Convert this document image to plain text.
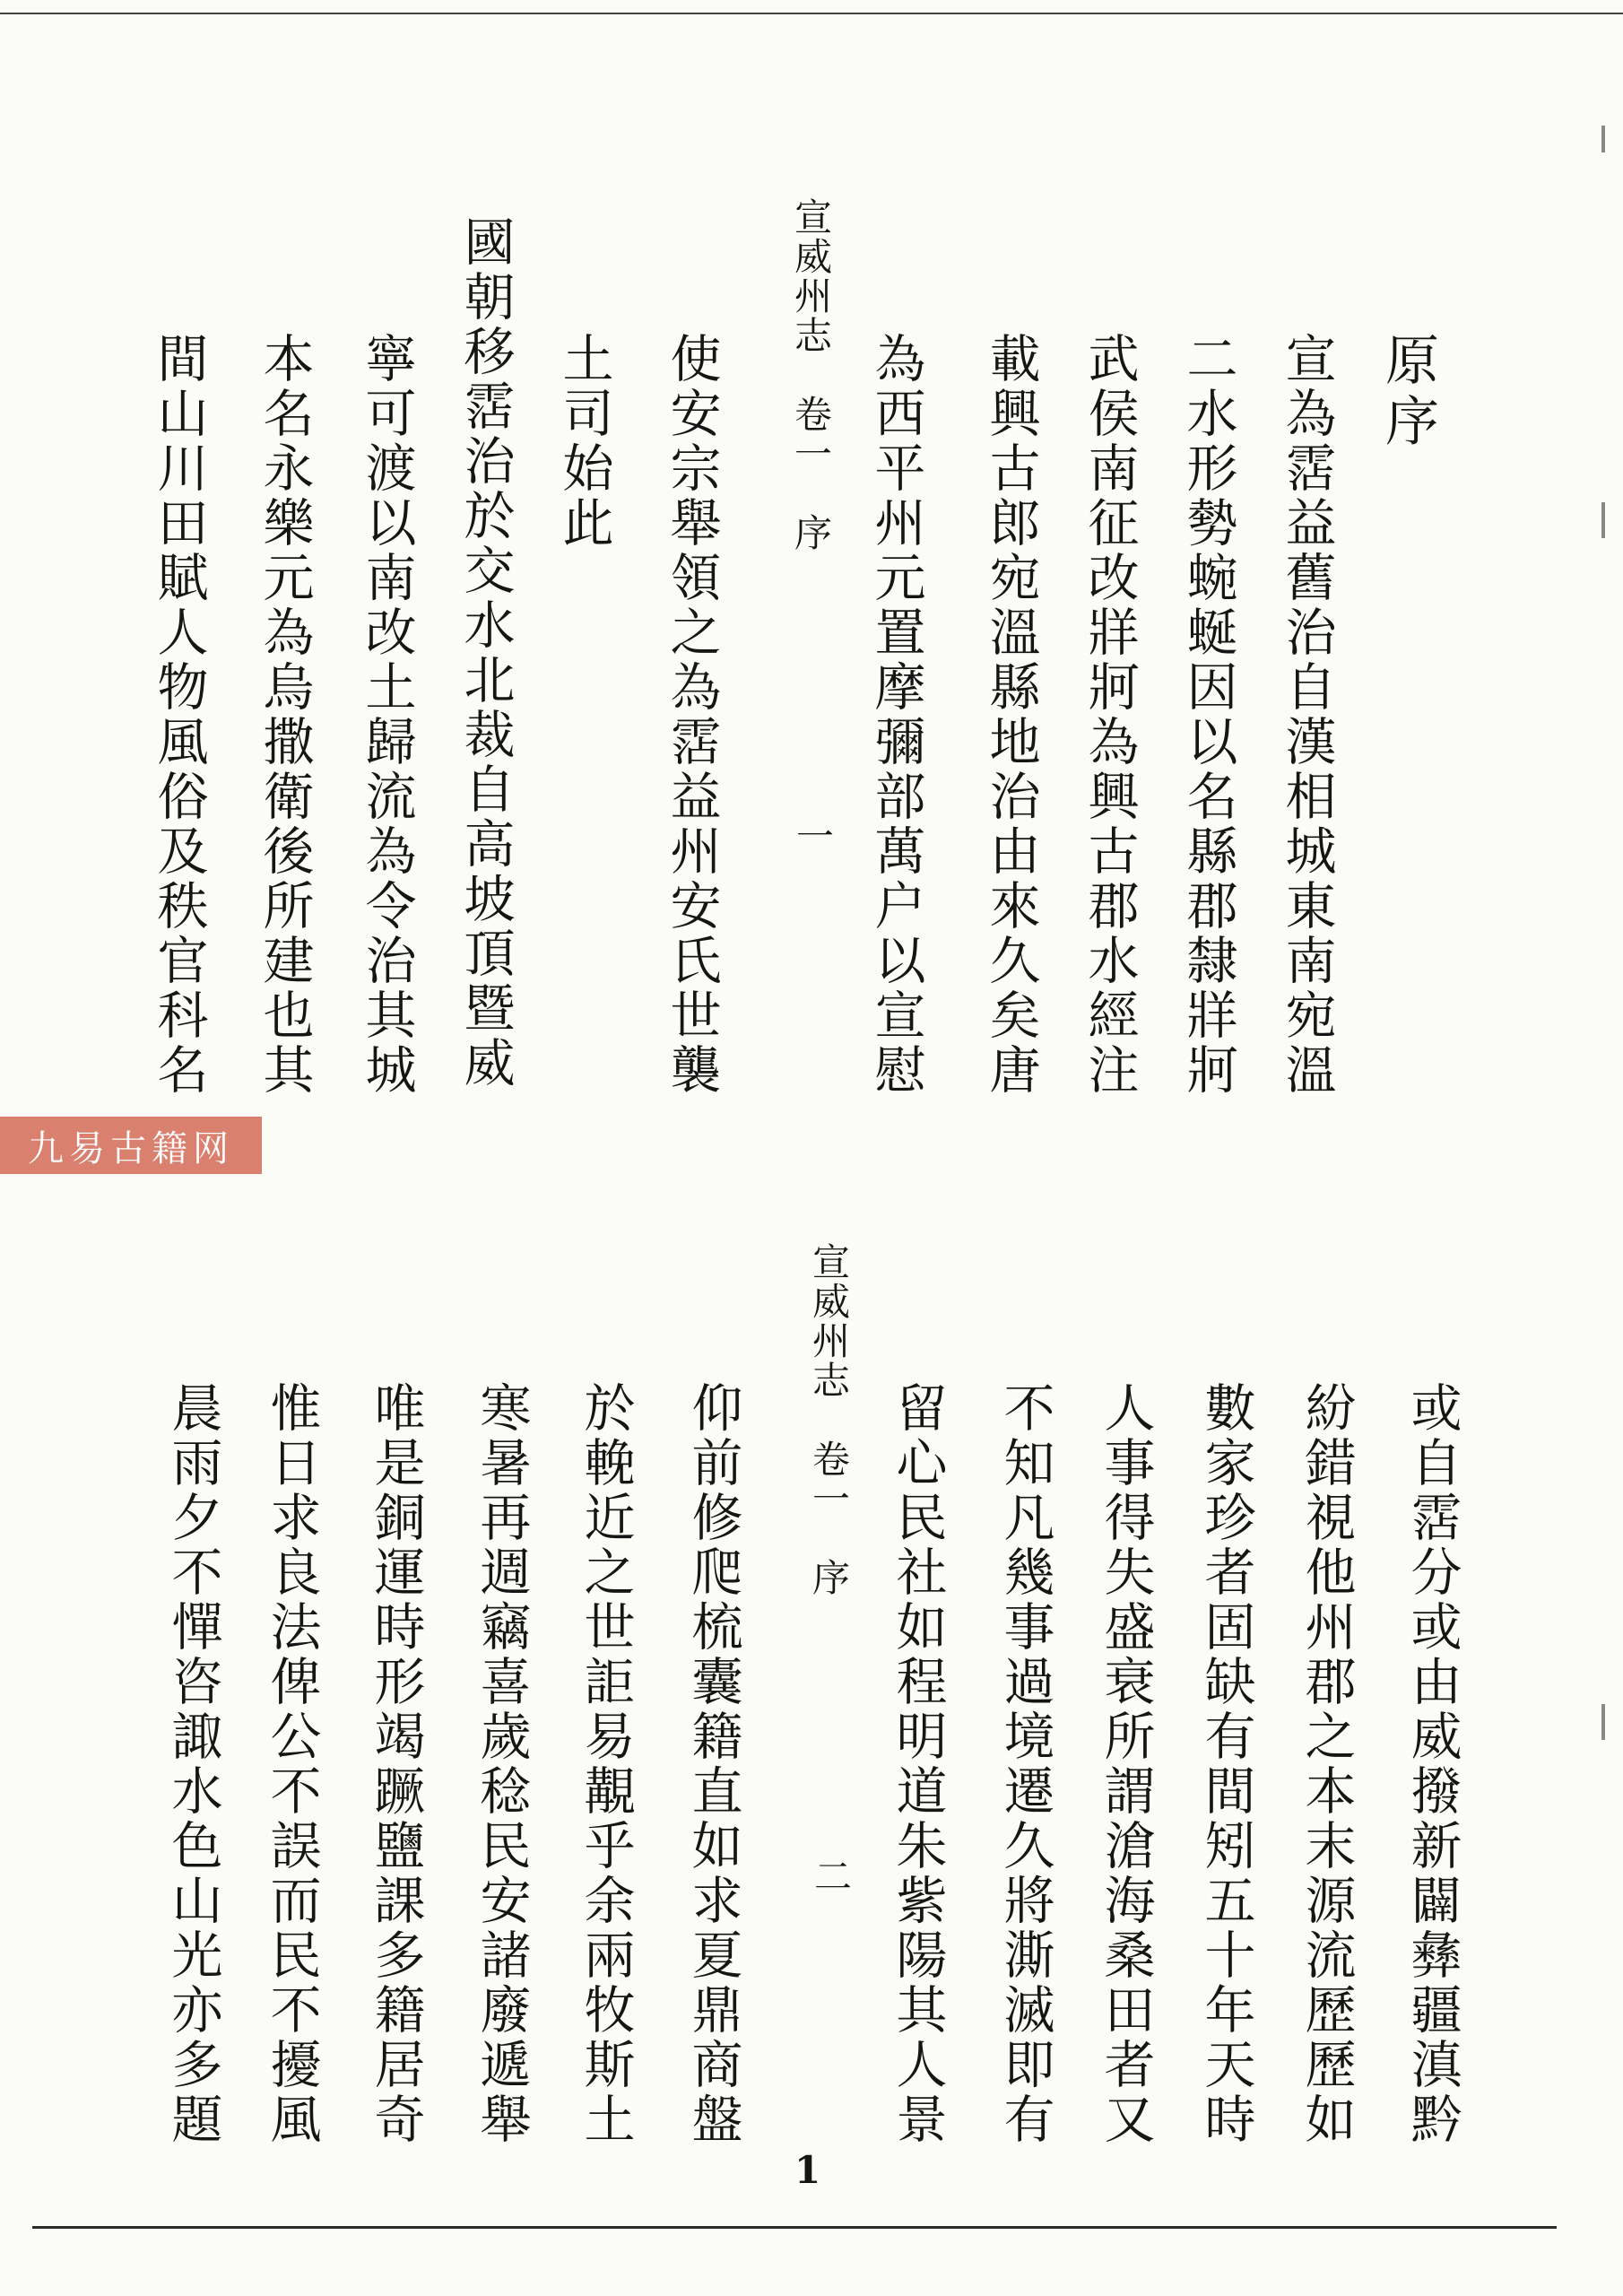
原序
宣為霑益舊治自漢相城東南宛溫
二水形勢蜿蜒因以名縣郡隸牂牁
武侯南征改牂牁為興古郡水經注
載興古郎宛溫縣地治由來久矣唐
為西平州元置摩彌部萬户以宣慰
宣威州志　卷一　序
一
使安宗舉領之為霑益州安氏世襲
土司始此
國朝移霑治於交水北裁自高坡頂暨威
寧可渡以南改土歸流為令治其城
本名永樂元為烏撒衛後所建也其
間山川田賦人物風俗及秩官科名
九易古籍网
宣威州志　卷一　序
二	或自霑分或由威撥新闢彝疆滇黔
紛錯視他州郡之本末源流歷歷如
數家珍者固缺有間矧五十年天時
人事得失盛衰所謂滄海桑田者又
不知凡幾事過境遷久將澌滅即有
留心民社如程明道朱紫陽其人景
仰前修爬梳囊籍直如求夏鼎商盤
於輓近之世詎易覯乎余兩牧斯土
寒暑再週竊喜歲稔民安諸廢遞舉
唯是銅運時形竭蹶鹽課多籍居奇
惟日求良法俾公不誤而民不擾風
晨雨夕不憚咨諏水色山光亦多題
1
